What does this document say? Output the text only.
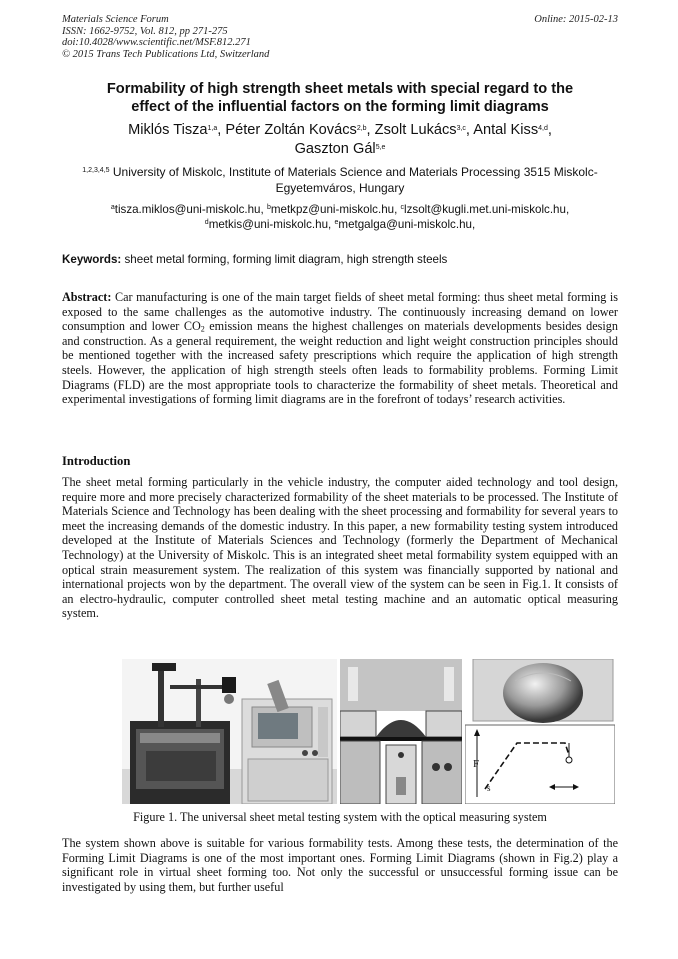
Materials Science Forum
ISSN: 1662-9752, Vol. 812, pp 271-275
doi:10.4028/www.scientific.net/MSF.812.271
© 2015 Trans Tech Publications Ltd, Switzerland
Online: 2015-02-13
Formability of high strength sheet metals with special regard to the
effect of the influential factors on the forming limit diagrams
Miklós Tisza$^{1,a}$, Péter Zoltán Kovács$^{2,b}$, Zsolt Lukács$^{3,c}$, Antal Kiss$^{4,d}$,
Gaszton Gál$^{5,e}$
$^{1,2,3,4,5}$ University of Miskolc, Institute of Materials Science and Materials Processing 3515 Miskolc-
Egyetemváros, Hungary
$^a$tisza.miklos@uni-miskolc.hu, $^b$metkpz@uni-miskolc.hu, $^c$lzsolt@kugli.met.uni-miskolc.hu,
$^d$metkis@uni-miskolc.hu, $^e$metgalga@uni-miskolc.hu,
Keywords: sheet metal forming, forming limit diagram, high strength steels
Abstract: Car manufacturing is one of the main target fields of sheet metal forming: thus sheet metal forming is exposed to the same challenges as the automotive industry. The continuously increasing demand on lower consumption and lower $CO_2$ emission means the highest challenges on materials developments besides design and construction. As a general requirement, the weight reduction and light weight construction principles should be mentioned together with the increased safety prescriptions which require the application of high strength steels. However, the application of high strength steels often leads to formability problems. Forming Limit Diagrams (FLD) are the most appropriate tools to characterize the formability of sheet metals. Theoretical and experimental investigations of forming limit diagrams are in the forefront of todays’ research activities.
Introduction
The sheet metal forming particularly in the vehicle industry, the computer aided technology and tool design, require more and more precisely characterized formability of the sheet materials to be processed. The Institute of Materials Science and Technology has been dealing with the sheet processing and formability for several years to meet the increasing demands of the domestic industry. In this paper, a new formability testing system introduced developed at the Institute of Materials Sciences and Technology (formerly the Department of Mechanical Technology) at the University of Miskolc. This is an integrated sheet metal formability system equipped with an optical strain measurement system. The realization of this system was financially supported by national and international projects won by the department. The overall view of the system can be seen in Fig.1. It consists of an electro-hydraulic, computer controlled sheet metal testing machine and an automatic optical measuring system.
F
s
Figure 1. The universal sheet metal testing system with the optical measuring system
The system shown above is suitable for various formability tests. Among these tests, the determination of the Forming Limit Diagrams is one of the most important ones. Forming Limit Diagrams (shown in Fig.2) play a significant role in virtual sheet forming too. Not only the successful or unsuccessful forming issue can be investigated by using them, but further useful
